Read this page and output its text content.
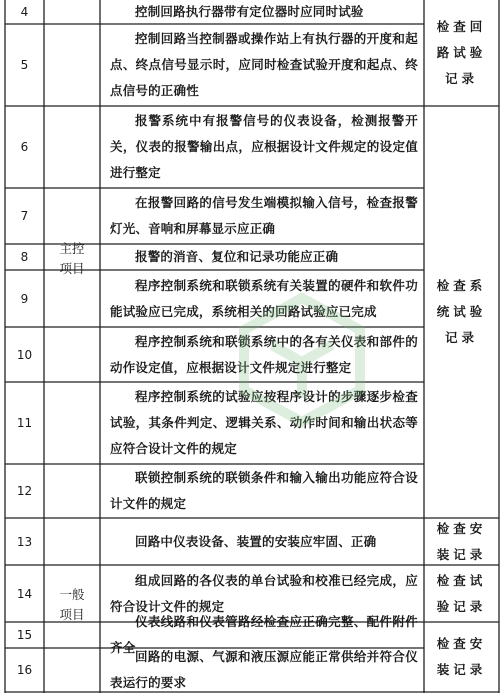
4
5
6
7
8
9
10
11
12
13
14
15
16
主控项目
一般项目
控制回路执行器带有定位器时应同时试验
控制回路当控制器或操作站上有执行器的开度和起点、终点信号显示时，应同时检查试验开度和起点、终点信号的正确性
报警系统中有报警信号的仪表设备，检测报警开关，仪表的报警输出点，应根据设计文件规定的设定值进行整定
在报警回路的信号发生端模拟输入信号，检查报警灯光、音响和屏幕显示应正确
报警的消音、复位和记录功能应正确
程序控制系统和联锁系统有关装置的硬件和软件功能试验应已完成，系统相关的回路试验应已完成
程序控制系统和联锁系统中的各有关仪表和部件的动作设定值，应根据设计文件规定进行整定
程序控制系统的试验应按程序设计的步骤逐步检查试验，其条件判定、逻辑关系、动作时间和输出状态等应符合设计文件的规定
联锁控制系统的联锁条件和输入输出功能应符合设计文件的规定
回路中仪表设备、装置的安装应牢固、正确
组成回路的各仪表的单台试验和校准已经完成，应符合设计文件的规定
仪表线路和仪表管路经检查应正确完整、配件附件齐全
回路的电源、气源和液压源应能正常供给并符合仪表运行的要求
检查回路试验记录
检查系统试验记录
检查安装记录
检查试验记录
检查安装记录
